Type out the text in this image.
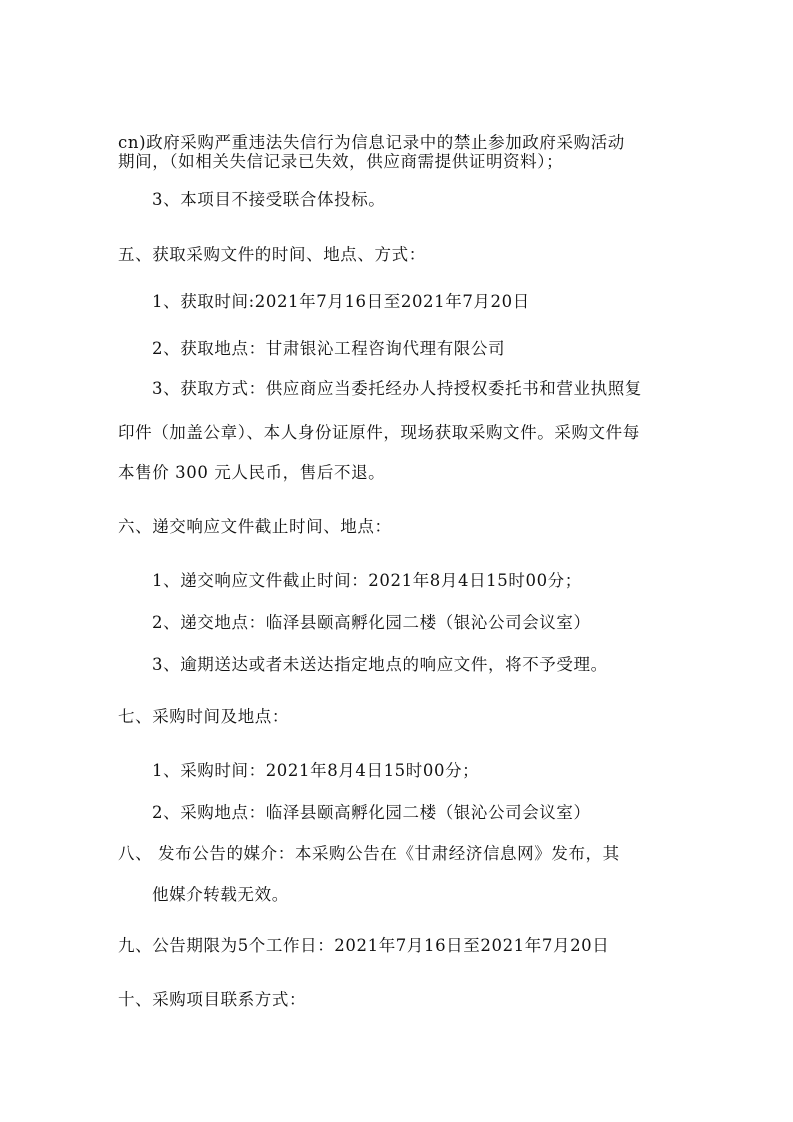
cn)政府采购严重违法失信行为信息记录中的禁止参加政府采购活动
期间，（如相关失信记录已失效，供应商需提供证明资料）；
3、本项目不接受联合体投标。
五、获取采购文件的时间、地点、方式：
1、获取时间:2021年7月16日至2021年7月20日
2、获取地点：甘肃银沁工程咨询代理有限公司
3、获取方式：供应商应当委托经办人持授权委托书和营业执照复
印件（加盖公章）、本人身份证原件，现场获取采购文件。采购文件每
本售价 300 元人民币，售后不退。
六、递交响应文件截止时间、地点：
1、递交响应文件截止时间：2021年8月4日15时00分；
2、递交地点：临泽县颐高孵化园二楼（银沁公司会议室）
3、逾期送达或者未送达指定地点的响应文件，将不予受理。
七、采购时间及地点：
1、采购时间：2021年8月4日15时00分；
2、采购地点：临泽县颐高孵化园二楼（银沁公司会议室）
八、 发布公告的媒介：本采购公告在《甘肃经济信息网》发布，其
他媒介转载无效。
九、公告期限为5个工作日：2021年7月16日至2021年7月20日
十、采购项目联系方式：
